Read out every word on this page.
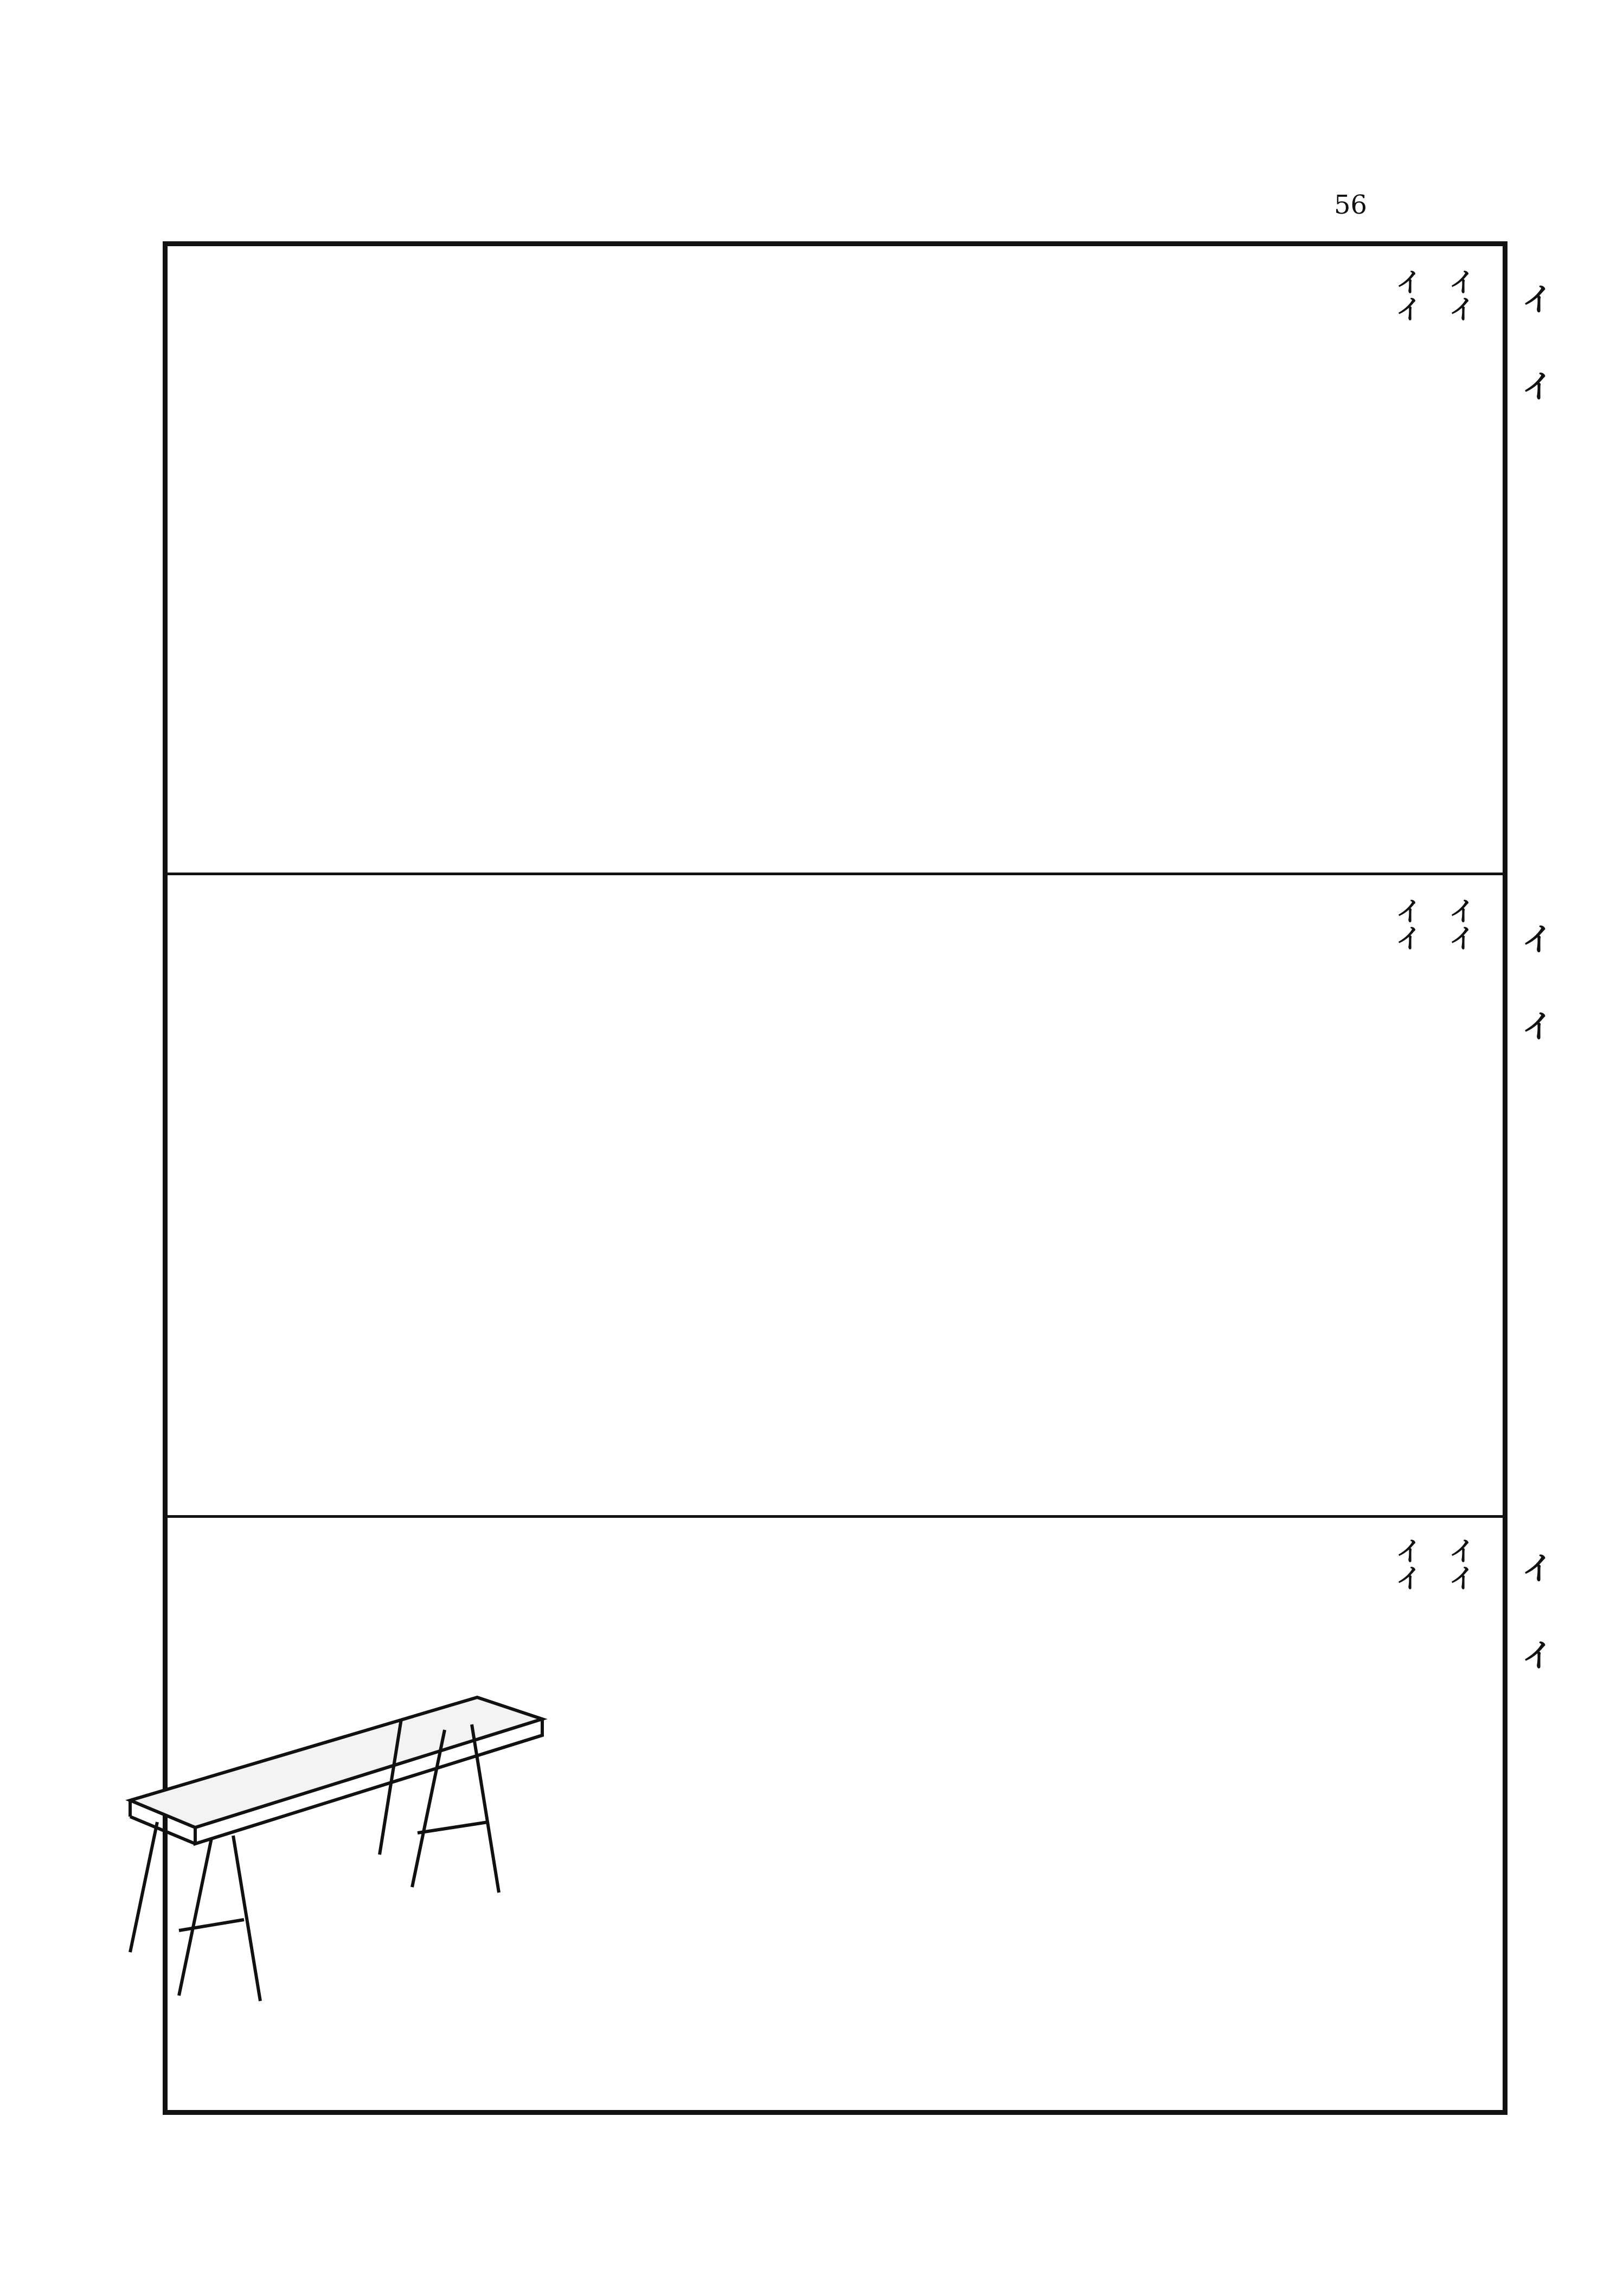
56
イ イ
イ イ
イ イ

イイ

イイ

イイ

イイ

イイ

イイ
